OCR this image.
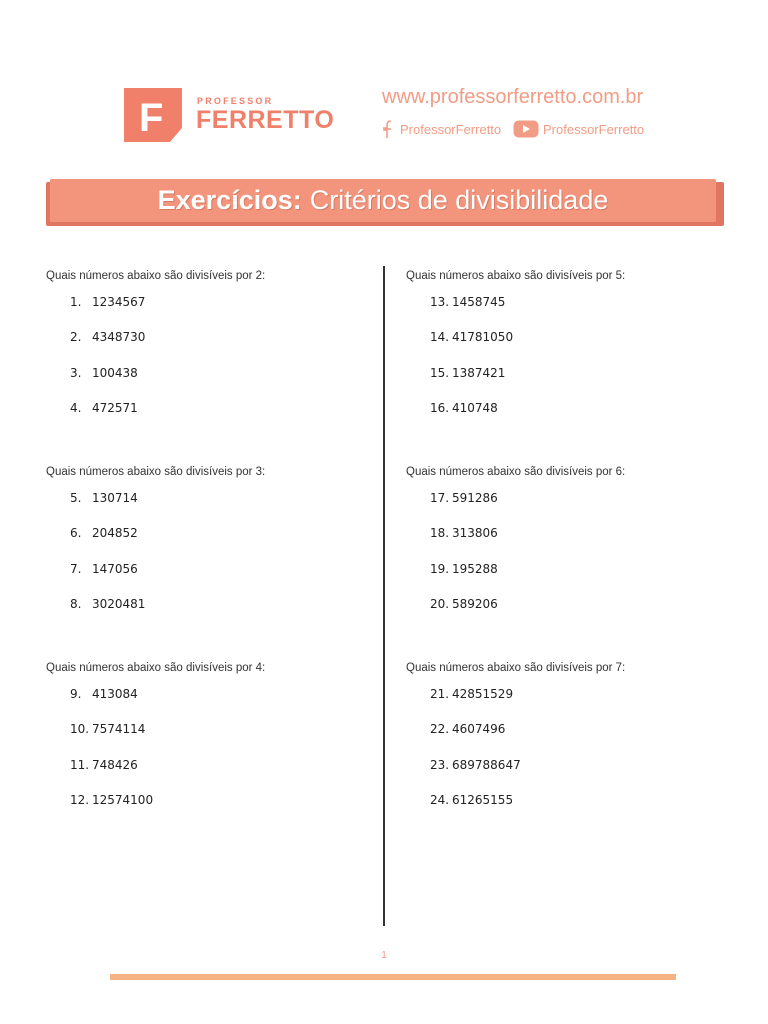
F	PROFESSOR
FERRETTO
www.professorferretto.com.br
ProfessorFerretto	ProfessorFerretto
Exercícios: Critérios de divisibilidade
Quais números abaixo são divisíveis por 2:
1. 1234567
2. 4348730
3. 100438
4. 472571
Quais números abaixo são divisíveis por 3:
5. 130714
6. 204852
7. 147056
8. 3020481
Quais números abaixo são divisíveis por 4:
9. 413084
10. 7574114
11. 748426
12. 12574100
Quais números abaixo são divisíveis por 5:
13. 1458745
14. 41781050
15. 1387421
16. 410748
Quais números abaixo são divisíveis por 6:
17. 591286
18. 313806
19. 195288
20. 589206
Quais números abaixo são divisíveis por 7:
21. 42851529
22. 4607496
23. 689788647
24. 61265155
1
